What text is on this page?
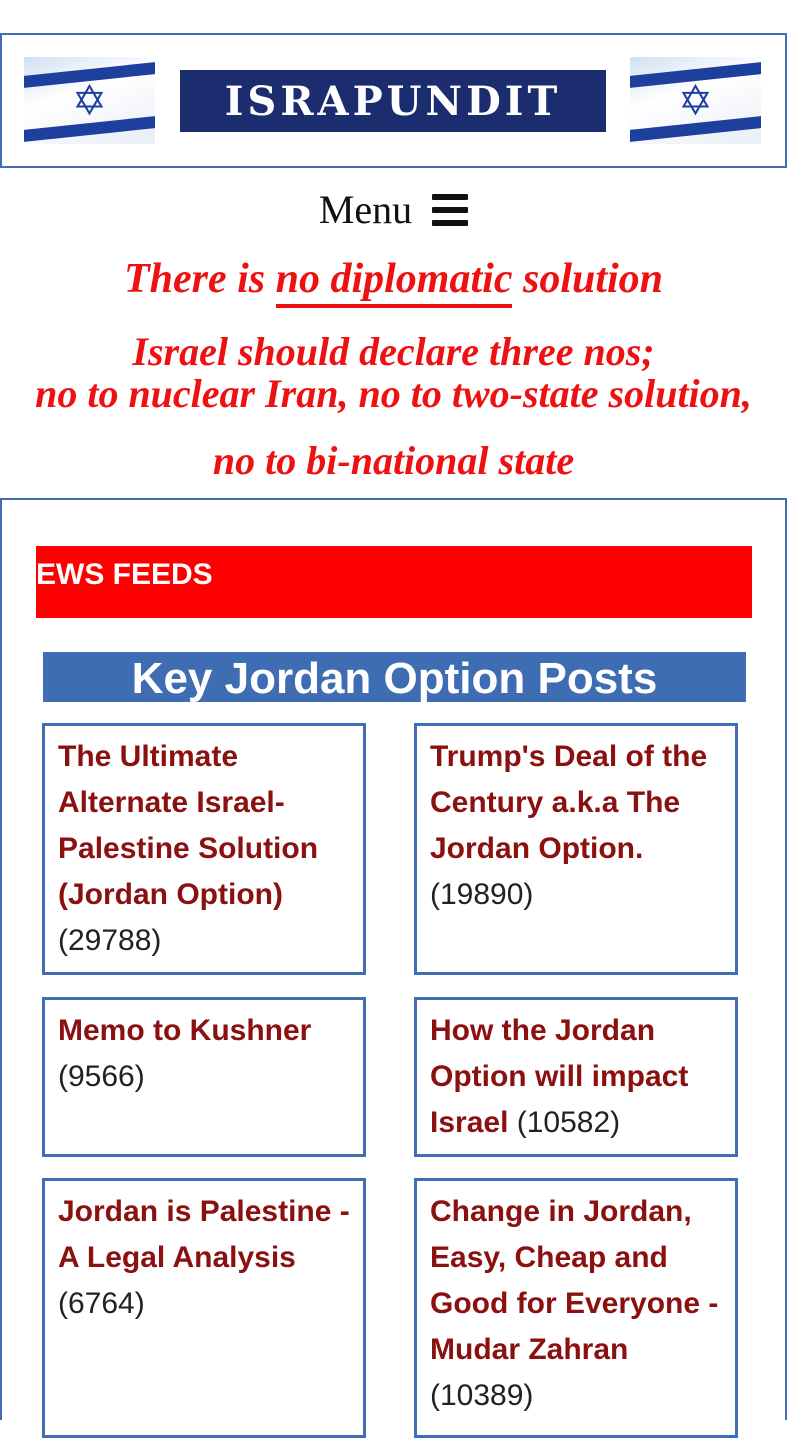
✡	ISRAPUNDIT	✡
Menu
There is no diplomatic solution
Israel should declare three nos;
no to nuclear Iran, no to two-state solution,
no to bi-national state
EWS FEEDS
Key Jordan Option Posts
The Ultimate Alternate Israel-Palestine Solution (Jordan Option)
(29788)
Trump's Deal of the Century a.k.a The Jordan Option.
(19890)
Memo to Kushner
(9566)
How the Jordan Option will impact Israel (10582)
Jordan is Palestine - A Legal Analysis
(6764)
Change in Jordan, Easy, Cheap and Good for Everyone - Mudar Zahran
(10389)
